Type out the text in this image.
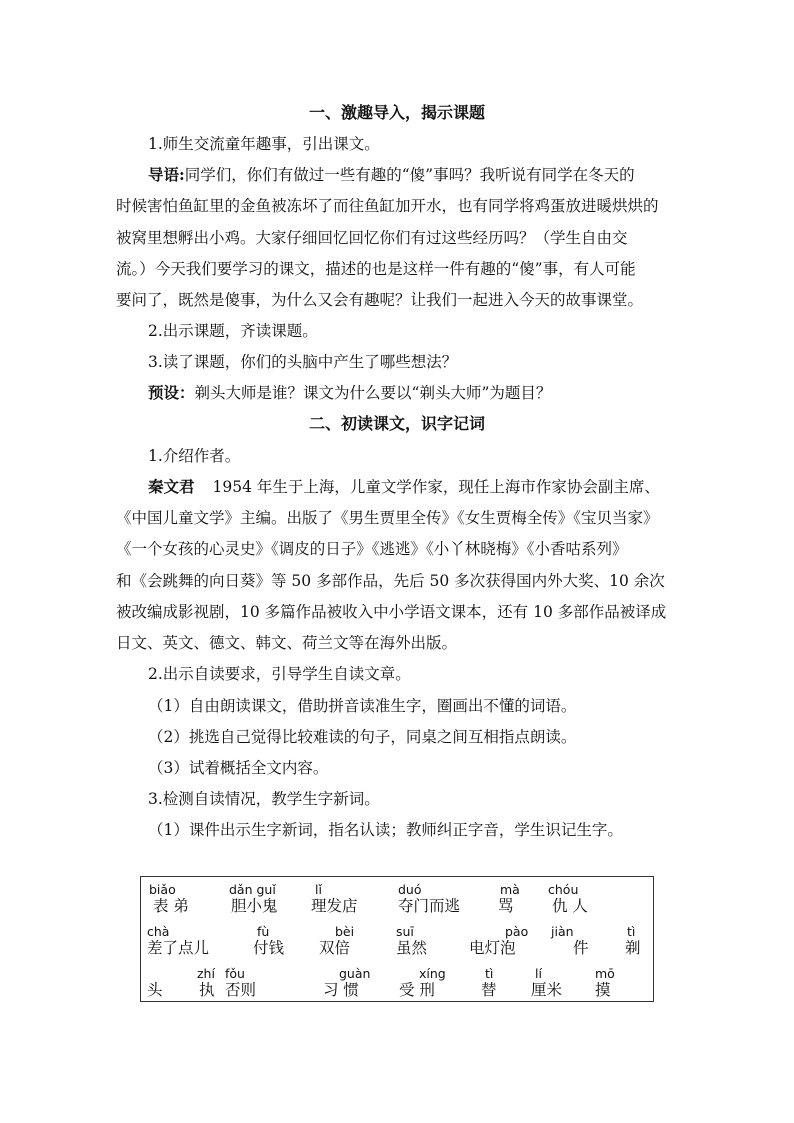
一、激趣导入，揭示课题
1.师生交流童年趣事，引出课文。
导语:同学们，你们有做过一些有趣的“傻”事吗？我听说有同学在冬天的
时候害怕鱼缸里的金鱼被冻坏了而往鱼缸加开水，也有同学将鸡蛋放进暖烘烘的
被窝里想孵出小鸡。大家仔细回忆回忆你们有过这些经历吗？（学生自由交
流。）今天我们要学习的课文，描述的也是这样一件有趣的“傻”事，有人可能
要问了，既然是傻事，为什么又会有趣呢？让我们一起进入今天的故事课堂。
2.出示课题，齐读课题。
3.读了课题，你们的头脑中产生了哪些想法？
预设：剃头大师是谁？课文为什么要以“剃头大师”为题目？
二、初读课文，识字记词
1.介绍作者。
秦文君 1954 年生于上海，儿童文学作家，现任上海市作家协会副主席、
《中国儿童文学》主编。出版了《男生贾里全传》《女生贾梅全传》《宝贝当家》
《一个女孩的心灵史》《调皮的日子》《逃逃》《小丫林晓梅》《小香咕系列》
和《会跳舞的向日葵》等 50 多部作品，先后 50 多次获得国内外大奖、10 余次
被改编成影视剧，10 多篇作品被收入中小学语文课本，还有 10 多部作品被译成
日文、英文、德文、韩文、荷兰文等在海外出版。
2.出示自读要求，引导学生自读文章。
（1）自由朗读课文，借助拼音读准生字，圈画出不懂的词语。
（2）挑选自己觉得比较难读的句子，同桌之间互相指点朗读。
（3）试着概括全文内容。
3.检测自读情况，教学生字新词。
（1）课件出示生字新词，指名认读；教师纠正字音，学生识记生字。
biǎo
表 弟
dǎn guǐ
胆小鬼
lǐ
理发店
duó
夺门而逃
mà
骂
chóu
仇 人
chà
差了点儿
fù
付钱
bèi
双倍
suī
虽然
pào
电灯泡
jiàn
件
tì
剃
头
zhí
执
fǒu
否则
guàn
习 惯
xíng
受 刑
tì
替
lí
厘米
mō
摸
